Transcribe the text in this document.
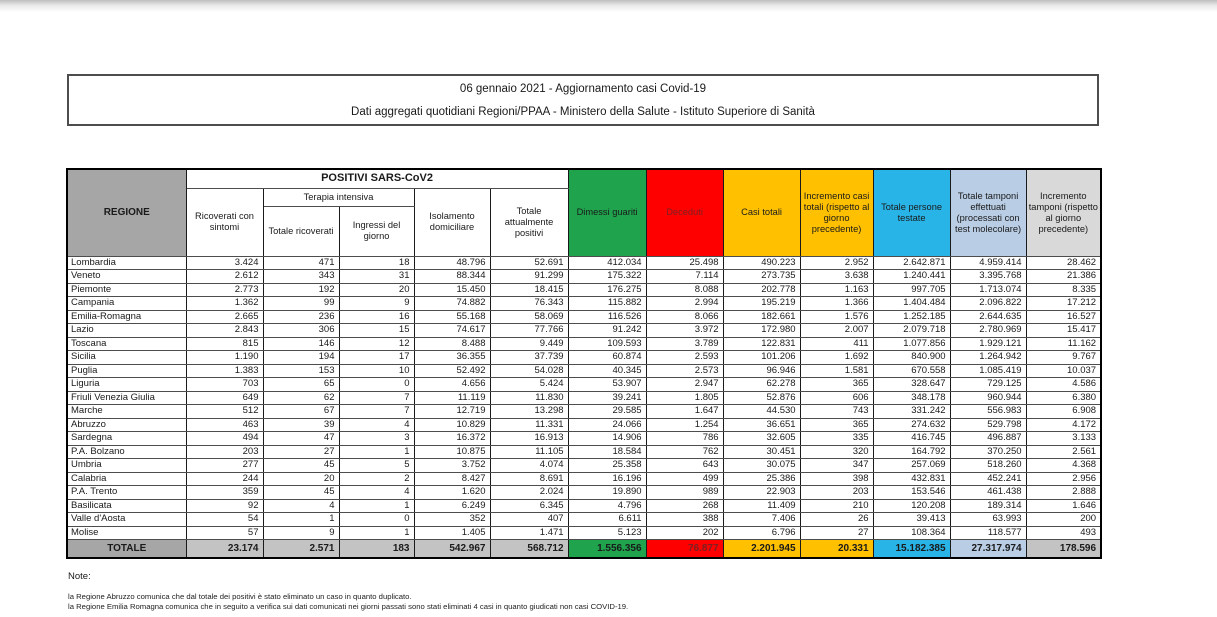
06 gennaio 2021 - Aggiornamento casi Covid-19
Dati aggregati quotidiani Regioni/PPAA - Ministero della Salute - Istituto Superiore di Sanità
REGIONE	POSITIVI SARS-CoV2					Dimessi guariti	Deceduti	Casi totali	Incremento casi totali (rispetto al giorno precedente)	Totale persone testate	Totale tamponi effettuati (processati con test molecolare)	Incremento tamponi (rispetto al giorno precedente)
	Ricoverati con sintomi	Terapia intensiva		Isolamento domiciliare	Totale attualmente positivi							
		Totale ricoverati	Ingressi del giorno									
Lombardia	3.424	471	18	48.796	52.691	412.034	25.498	490.223	2.952	2.642.871	4.959.414	28.462
Veneto	2.612	343	31	88.344	91.299	175.322	7.114	273.735	3.638	1.240.441	3.395.768	21.386
Piemonte	2.773	192	20	15.450	18.415	176.275	8.088	202.778	1.163	997.705	1.713.074	8.335
Campania	1.362	99	9	74.882	76.343	115.882	2.994	195.219	1.366	1.404.484	2.096.822	17.212
Emilia-Romagna	2.665	236	16	55.168	58.069	116.526	8.066	182.661	1.576	1.252.185	2.644.635	16.527
Lazio	2.843	306	15	74.617	77.766	91.242	3.972	172.980	2.007	2.079.718	2.780.969	15.417
Toscana	815	146	12	8.488	9.449	109.593	3.789	122.831	411	1.077.856	1.929.121	11.162
Sicilia	1.190	194	17	36.355	37.739	60.874	2.593	101.206	1.692	840.900	1.264.942	9.767
Puglia	1.383	153	10	52.492	54.028	40.345	2.573	96.946	1.581	670.558	1.085.419	10.037
Liguria	703	65	0	4.656	5.424	53.907	2.947	62.278	365	328.647	729.125	4.586
Friuli Venezia Giulia	649	62	7	11.119	11.830	39.241	1.805	52.876	606	348.178	960.944	6.380
Marche	512	67	7	12.719	13.298	29.585	1.647	44.530	743	331.242	556.983	6.908
Abruzzo	463	39	4	10.829	11.331	24.066	1.254	36.651	365	274.632	529.798	4.172
Sardegna	494	47	3	16.372	16.913	14.906	786	32.605	335	416.745	496.887	3.133
P.A. Bolzano	203	27	1	10.875	11.105	18.584	762	30.451	320	164.792	370.250	2.561
Umbria	277	45	5	3.752	4.074	25.358	643	30.075	347	257.069	518.260	4.368
Calabria	244	20	2	8.427	8.691	16.196	499	25.386	398	432.831	452.241	2.956
P.A. Trento	359	45	4	1.620	2.024	19.890	989	22.903	203	153.546	461.438	2.888
Basilicata	92	4	1	6.249	6.345	4.796	268	11.409	210	120.208	189.314	1.646
Valle d'Aosta	54	1	0	352	407	6.611	388	7.406	26	39.413	63.993	200
Molise	57	9	1	1.405	1.471	5.123	202	6.796	27	108.364	118.577	493
TOTALE	23.174	2.571	183	542.967	568.712	1.556.356	76.877	2.201.945	20.331	15.182.385	27.317.974	178.596
Note:
la Regione Abruzzo comunica che dal totale dei positivi è stato eliminato un caso in quanto duplicato.
la Regione Emilia Romagna comunica che in seguito a verifica sui dati comunicati nei giorni passati sono stati eliminati 4 casi in quanto giudicati non casi COVID-19.
